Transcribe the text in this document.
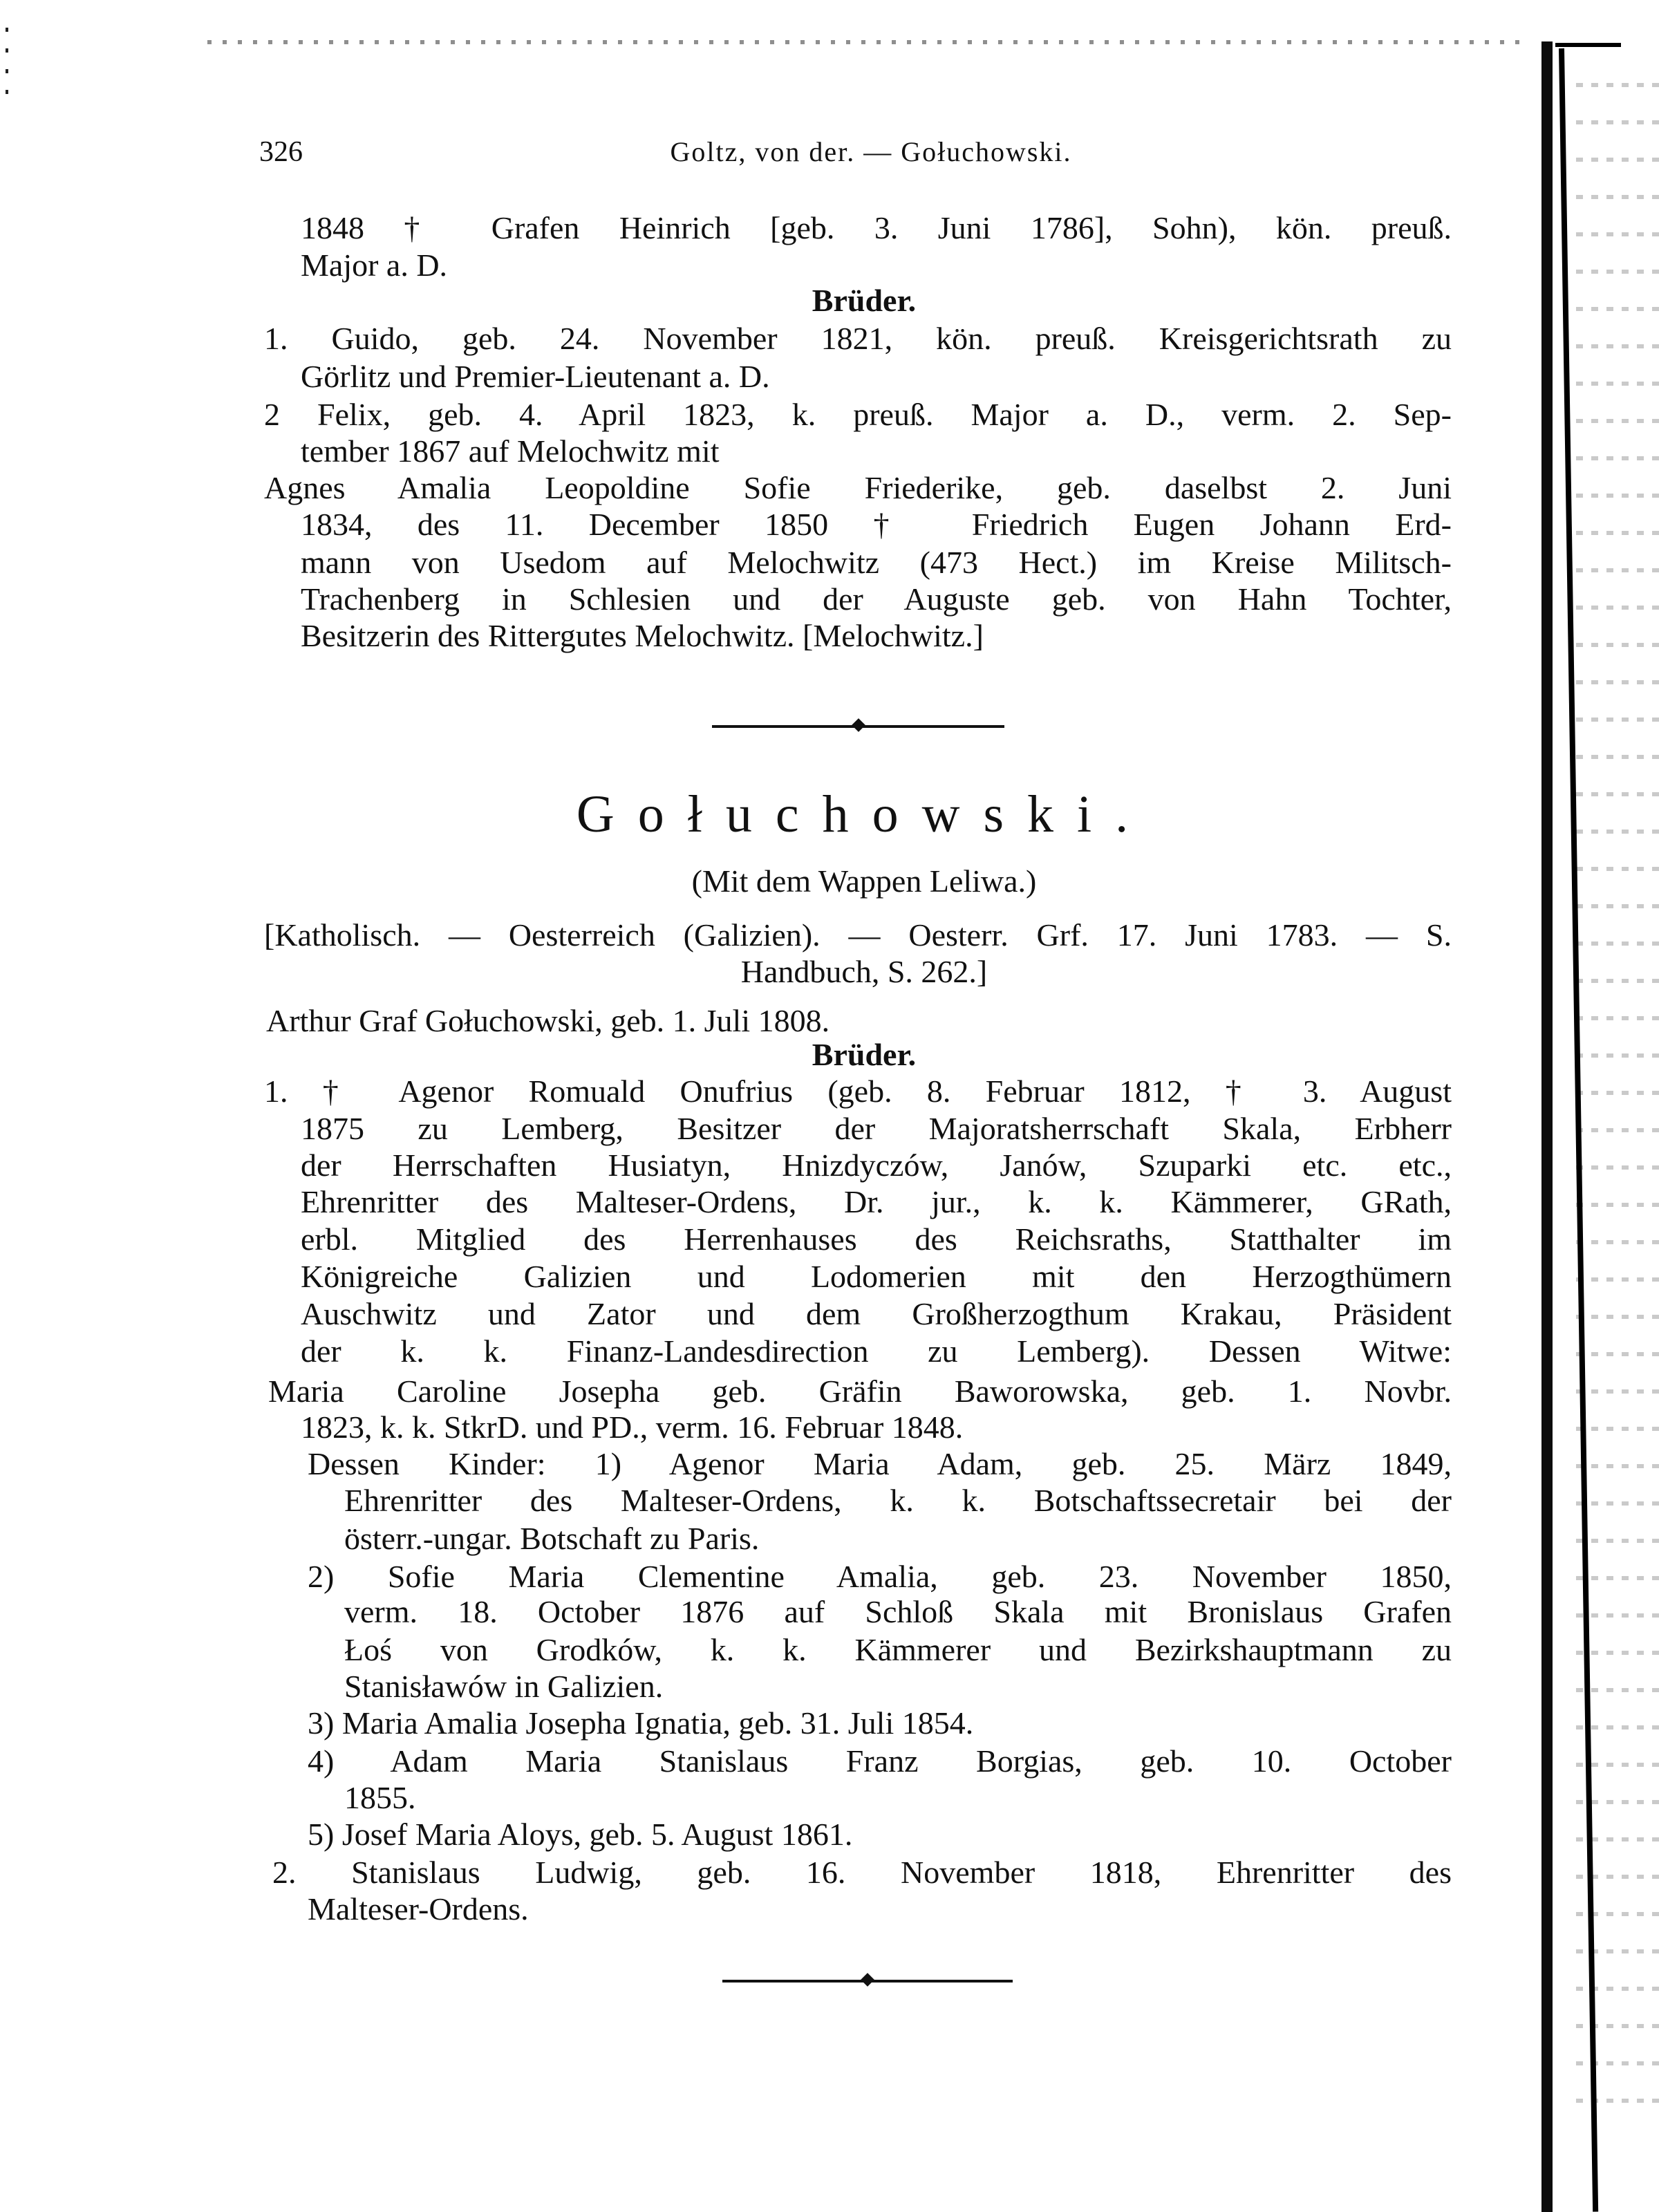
326	Goltz, von der. — Gołuchowski.
Gołuchowski.
1848 † Grafen Heinrich [geb. 3. Juni 1786], Sohn), kön. preuß.
Major a. D.
Brüder.
1. Guido, geb. 24. November 1821, kön. preuß. Kreisgerichtsrath zu
Görlitz und Premier-Lieutenant a. D.
2 Felix, geb. 4. April 1823, k. preuß. Major a. D., verm. 2. Sep-
tember 1867 auf Melochwitz mit
Agnes Amalia Leopoldine Sofie Friederike, geb. daselbst 2. Juni
1834, des 11. December 1850 † Friedrich Eugen Johann Erd-
mann von Usedom auf Melochwitz (473 Hect.) im Kreise Militsch-
Trachenberg in Schlesien und der Auguste geb. von Hahn Tochter,
Besitzerin des Rittergutes Melochwitz. [Melochwitz.]
(Mit dem Wappen Leliwa.)
[Katholisch. — Oesterreich (Galizien). — Oesterr. Grf. 17. Juni 1783. — S.
Handbuch, S. 262.]
Arthur Graf Gołuchowski, geb. 1. Juli 1808.
Brüder.
1. † Agenor Romuald Onufrius (geb. 8. Februar 1812, † 3. August
1875 zu Lemberg, Besitzer der Majoratsherrschaft Skala, Erbherr
der Herrschaften Husiatyn, Hnizdyczów, Janów, Szuparki etc. etc.,
Ehrenritter des Malteser-Ordens, Dr. jur., k. k. Kämmerer, GRath,
erbl. Mitglied des Herrenhauses des Reichsraths, Statthalter im
Königreiche Galizien und Lodomerien mit den Herzogthümern
Auschwitz und Zator und dem Großherzogthum Krakau, Präsident
der k. k. Finanz-Landesdirection zu Lemberg). Dessen Witwe:
Maria Caroline Josepha geb. Gräfin Baworowska, geb. 1. Novbr.
1823, k. k. StkrD. und PD., verm. 16. Februar 1848.
Dessen Kinder: 1) Agenor Maria Adam, geb. 25. März 1849,
Ehrenritter des Malteser-Ordens, k. k. Botschaftssecretair bei der
österr.-ungar. Botschaft zu Paris.
2) Sofie Maria Clementine Amalia, geb. 23. November 1850,
verm. 18. October 1876 auf Schloß Skala mit Bronislaus Grafen
Łoś von Grodków, k. k. Kämmerer und Bezirkshauptmann zu
Stanisławów in Galizien.
3) Maria Amalia Josepha Ignatia, geb. 31. Juli 1854.
4) Adam Maria Stanislaus Franz Borgias, geb. 10. October
1855.
5) Josef Maria Aloys, geb. 5. August 1861.
2. Stanislaus Ludwig, geb. 16. November 1818, Ehrenritter des
Malteser-Ordens.
